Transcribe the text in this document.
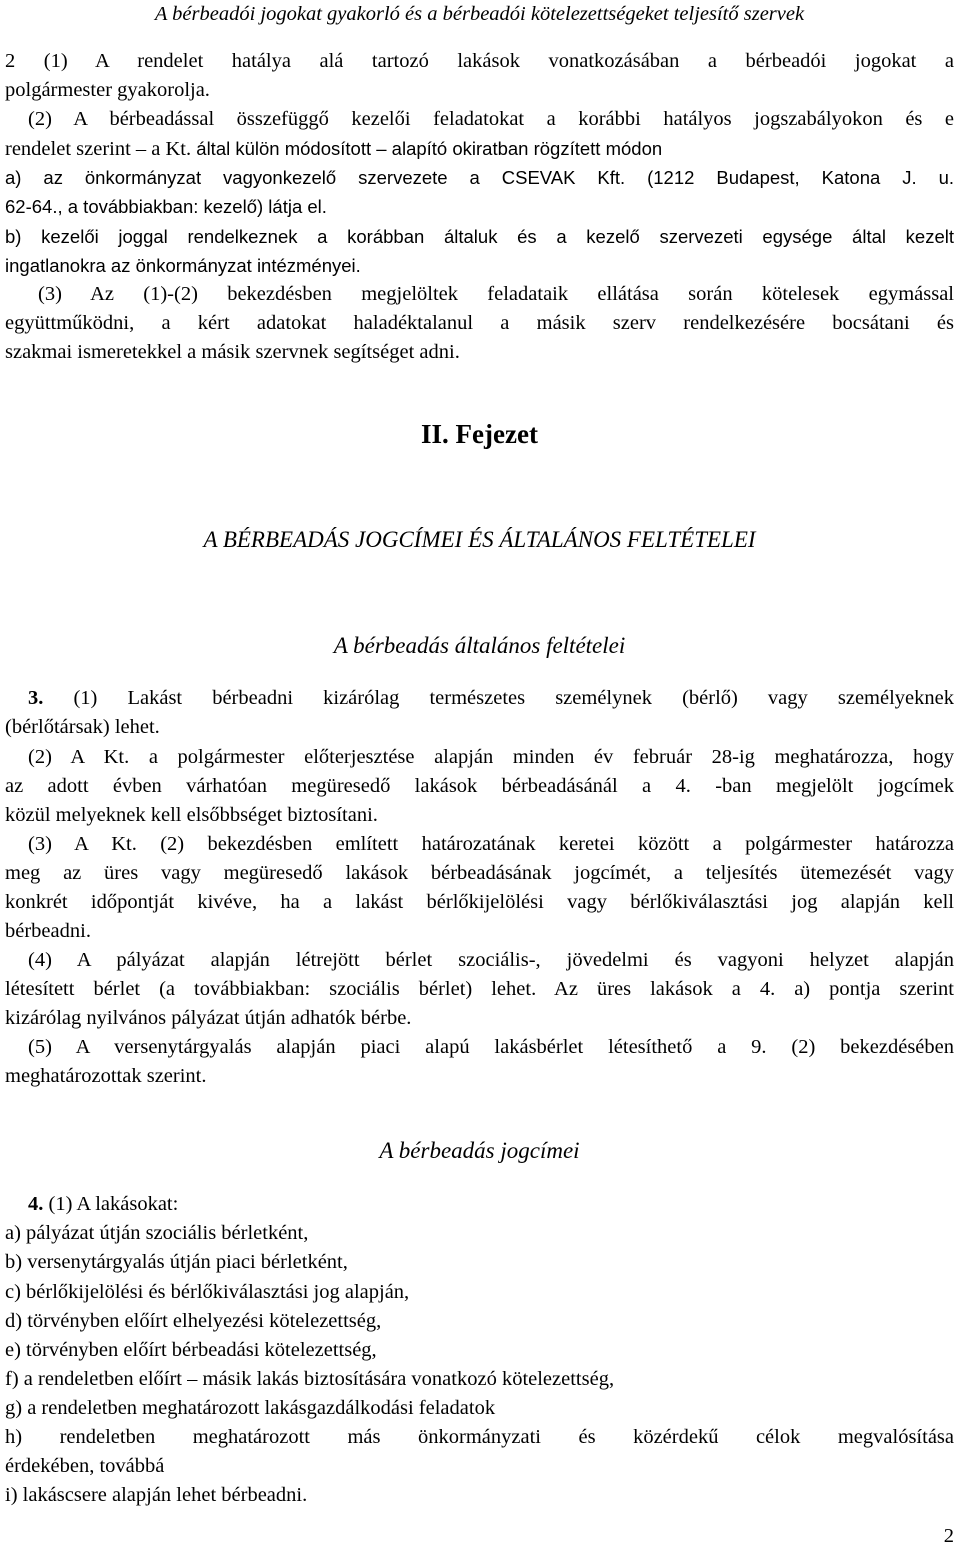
A bérbeadói jogokat gyakorló és a bérbeadói kötelezettségeket teljesítő szervek

2 (1) A rendelet hatálya alá tartozó lakások vonatkozásában a bérbeadói jogokat a

polgármester gyakorolja.

(2) A bérbeadással összefüggő kezelői feladatokat a korábbi hatályos jogszabályokon és e

rendelet szerint – a Kt. által külön módosított – alapító okiratban rögzített módon

a) az önkormányzat vagyonkezelő szervezete a CSEVAK Kft. (1212 Budapest, Katona J. u.

62-64., a továbbiakban: kezelő) látja el.

b) kezelői joggal rendelkeznek a korábban általuk és a kezelő szervezeti egysége által kezelt

ingatlanokra az önkormányzat intézményei.

(3) Az (1)-(2) bekezdésben megjelöltek feladataik ellátása során kötelesek egymással

együttműködni, a kért adatokat haladéktalanul a másik szerv rendelkezésére bocsátani és

szakmai ismeretekkel a másik szervnek segítséget adni.

II. Fejezet

A BÉRBEADÁS JOGCÍMEI ÉS ÁLTALÁNOS FELTÉTELEI

A bérbeadás általános feltételei

3. (1) Lakást bérbeadni kizárólag természetes személynek (bérlő) vagy személyeknek

(bérlőtársak) lehet.

(2) A Kt. a polgármester előterjesztése alapján minden év február 28-ig meghatározza, hogy

az adott évben várhatóan megüresedő lakások bérbeadásánál a 4. -ban megjelölt jogcímek

közül melyeknek kell elsőbbséget biztosítani.

(3) A Kt. (2) bekezdésben említett határozatának keretei között a polgármester határozza

meg az üres vagy megüresedő lakások bérbeadásának jogcímét, a teljesítés ütemezését vagy

konkrét időpontját kivéve, ha a lakást bérlőkijelölési vagy bérlőkiválasztási jog alapján kell

bérbeadni.

(4) A pályázat alapján létrejött bérlet szociális-, jövedelmi és vagyoni helyzet alapján

létesített bérlet (a továbbiakban: szociális bérlet) lehet. Az üres lakások a 4. a) pontja szerint

kizárólag nyilvános pályázat útján adhatók bérbe.

(5) A versenytárgyalás alapján piaci alapú lakásbérlet létesíthető a 9. (2) bekezdésében

meghatározottak szerint.

A bérbeadás jogcímei

4. (1) A lakásokat:

a) pályázat útján szociális bérletként,

b) versenytárgyalás útján piaci bérletként,

c) bérlőkijelölési és bérlőkiválasztási jog alapján,

d) törvényben előírt elhelyezési kötelezettség,

e) törvényben előírt bérbeadási kötelezettség,

f) a rendeletben előírt – másik lakás biztosítására vonatkozó kötelezettség,

g) a rendeletben meghatározott lakásgazdálkodási feladatok

h) rendeletben meghatározott más önkormányzati és közérdekű célok megvalósítása

érdekében, továbbá

i) lakáscsere alapján lehet bérbeadni.

2
